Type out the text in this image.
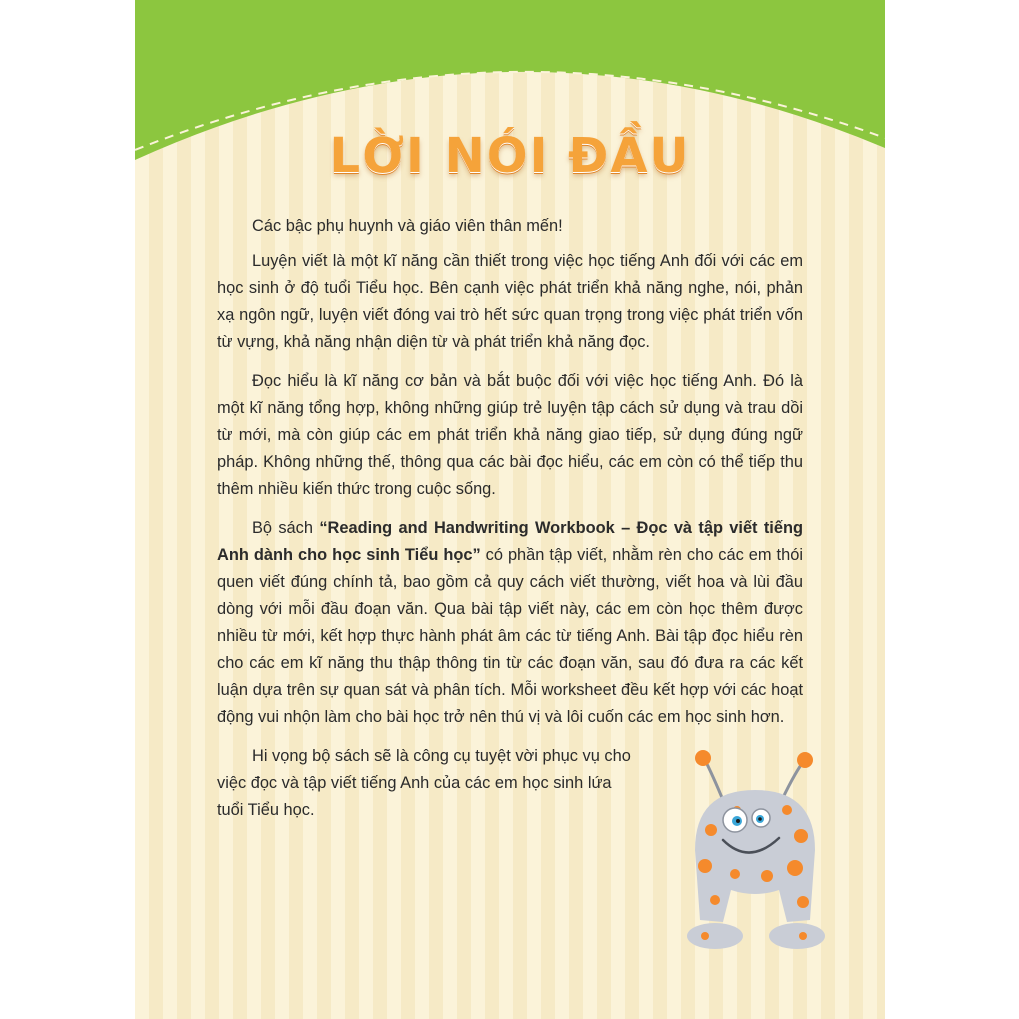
LỜI NÓI ĐẦU

Các bậc phụ huynh và giáo viên thân mến!

Luyện viết là một kĩ năng cần thiết trong việc học tiếng Anh đối với các em học sinh ở độ tuổi Tiểu học. Bên cạnh việc phát triển khả năng nghe, nói, phản xạ ngôn ngữ, luyện viết đóng vai trò hết sức quan trọng trong việc phát triển vốn từ vựng, khả năng nhận diện từ và phát triển khả năng đọc.

Đọc hiểu là kĩ năng cơ bản và bắt buộc đối với việc học tiếng Anh. Đó là một kĩ năng tổng hợp, không những giúp trẻ luyện tập cách sử dụng và trau dồi từ mới, mà còn giúp các em phát triển khả năng giao tiếp, sử dụng đúng ngữ pháp. Không những thế, thông qua các bài đọc hiểu, các em còn có thể tiếp thu thêm nhiều kiến thức trong cuộc sống.

Bộ sách “Reading and Handwriting Workbook – Đọc và tập viết tiếng Anh dành cho học sinh Tiểu học” có phần tập viết, nhằm rèn cho các em thói quen viết đúng chính tả, bao gồm cả quy cách viết thường, viết hoa và lùi đầu dòng với mỗi đầu đoạn văn. Qua bài tập viết này, các em còn học thêm được nhiều từ mới, kết hợp thực hành phát âm các từ tiếng Anh. Bài tập đọc hiểu rèn cho các em kĩ năng thu thập thông tin từ các đoạn văn, sau đó đưa ra các kết luận dựa trên sự quan sát và phân tích. Mỗi worksheet đều kết hợp với các hoạt động vui nhộn làm cho bài học trở nên thú vị và lôi cuốn các em học sinh hơn.

Hi vọng bộ sách sẽ là công cụ tuyệt vời phục vụ cho việc đọc và tập viết tiếng Anh của các em học sinh lứa tuổi Tiểu học.
